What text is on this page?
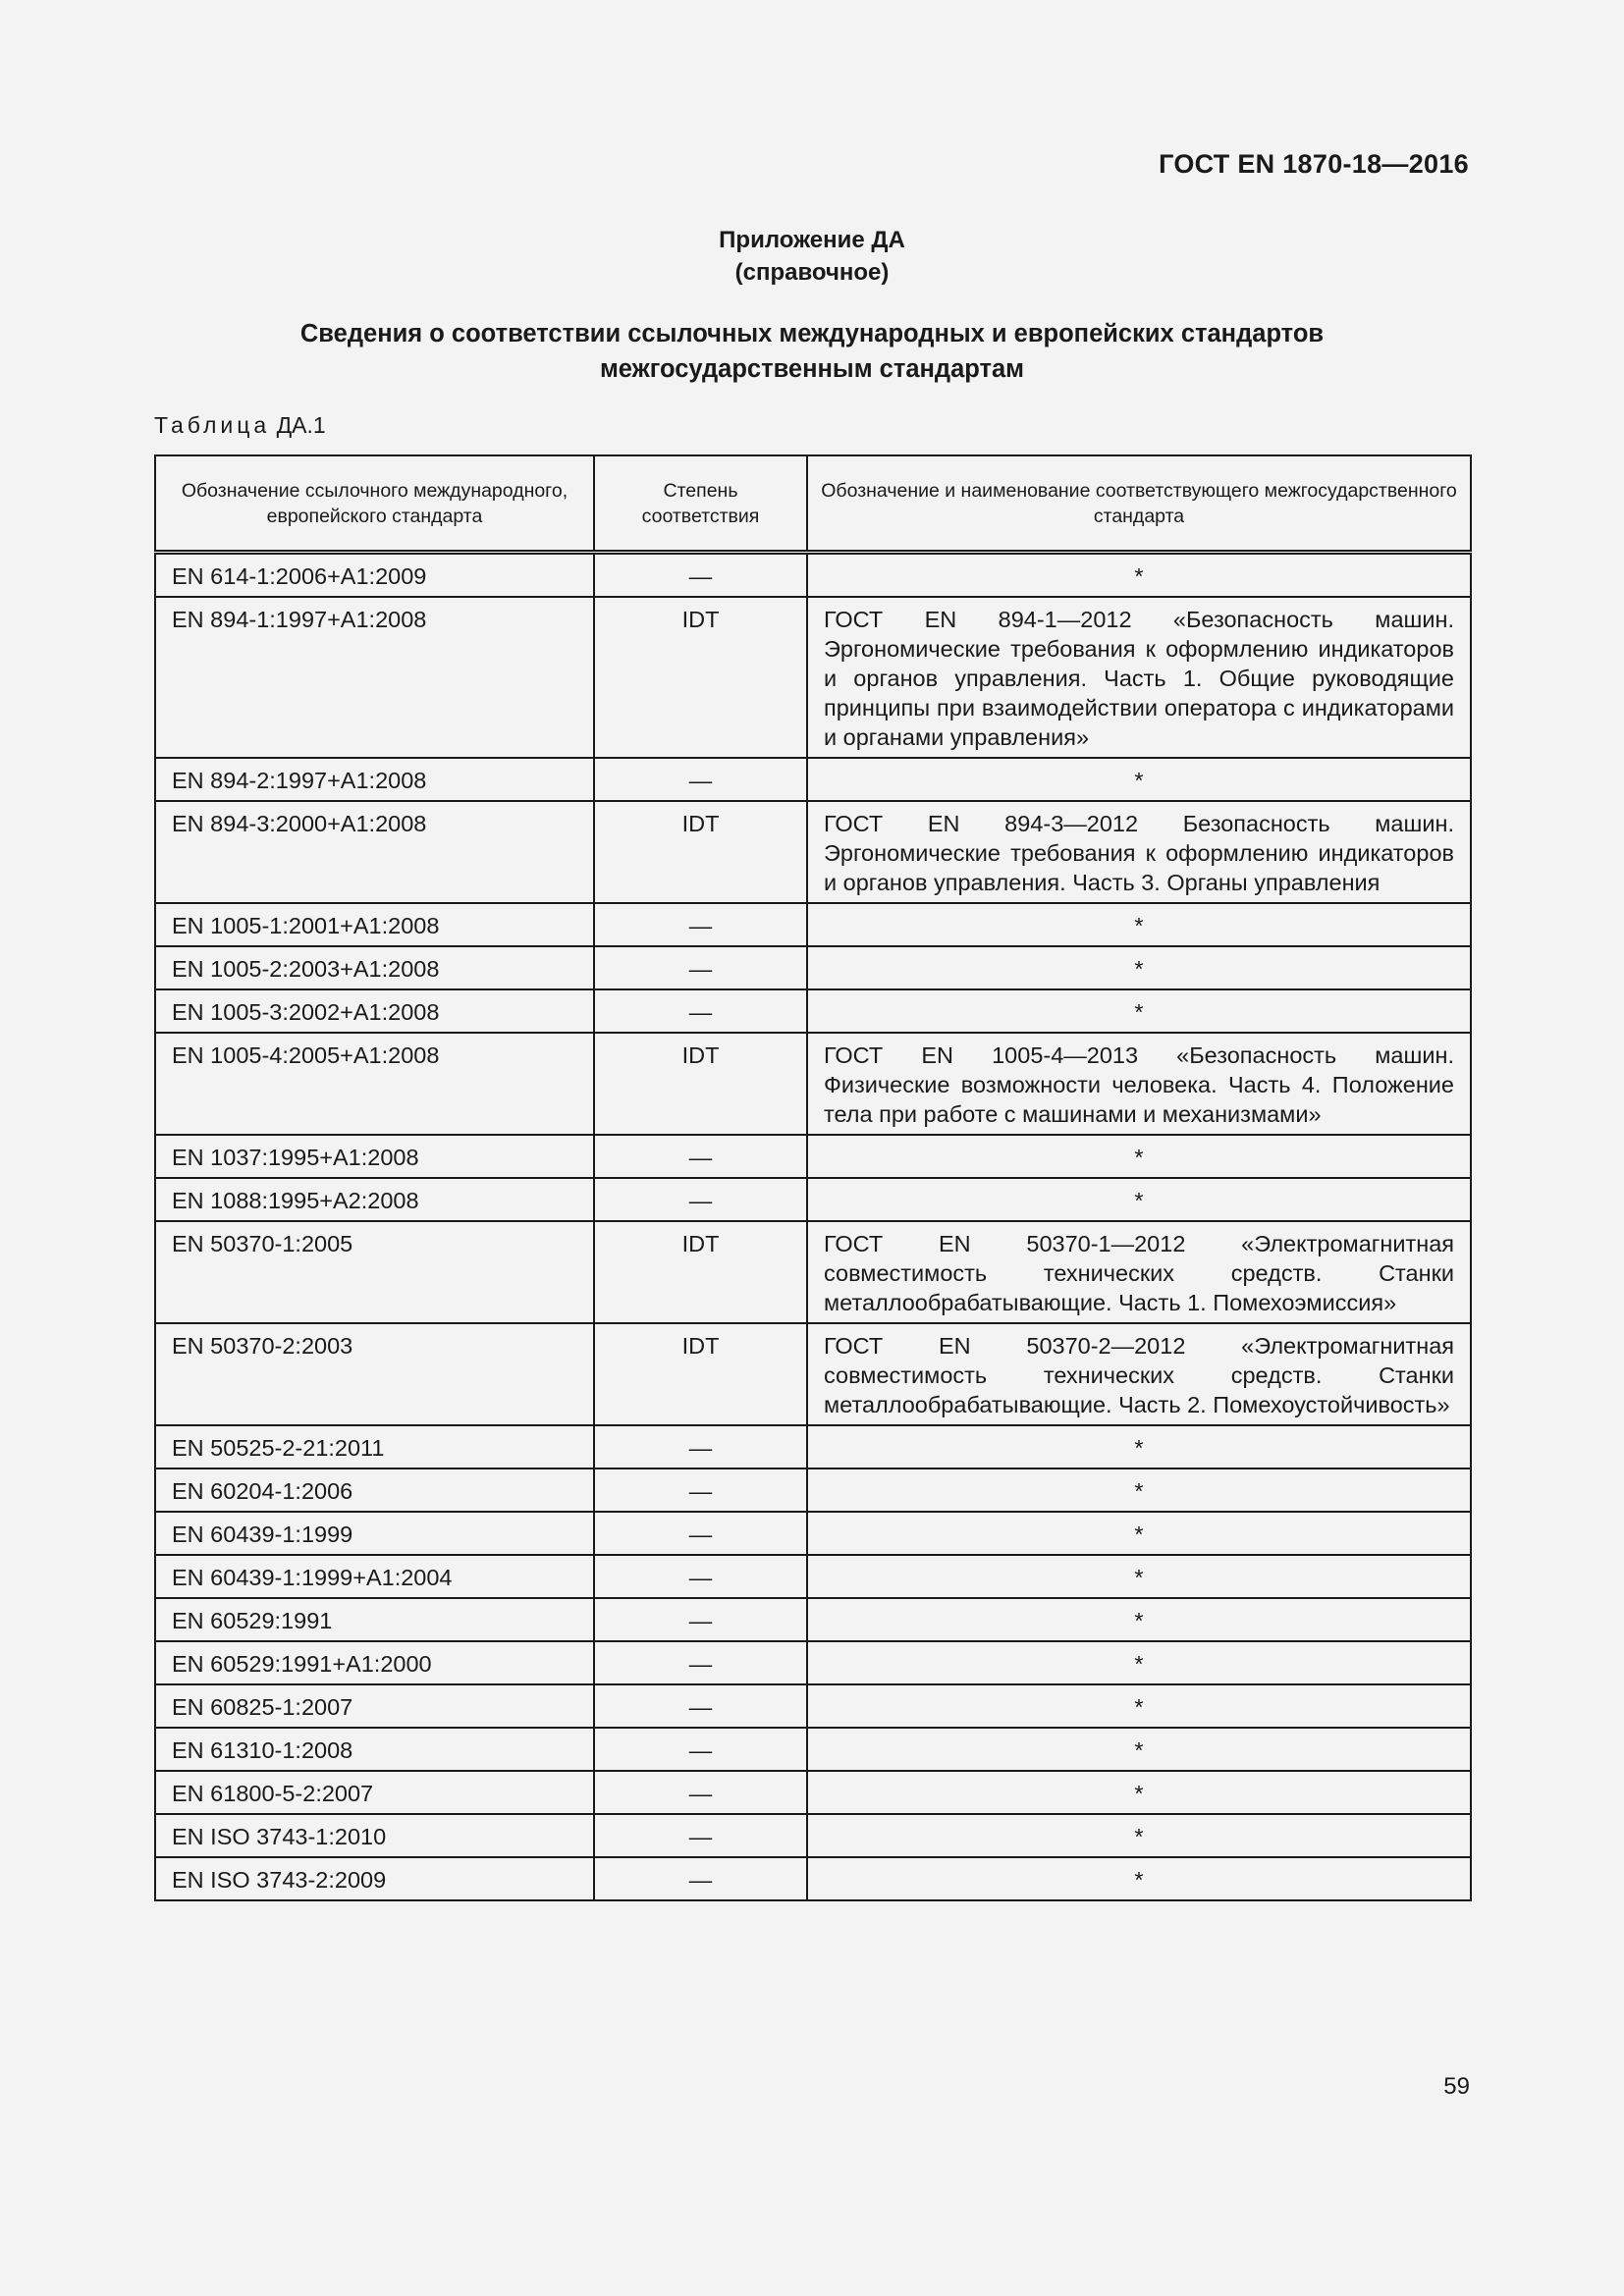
ГОСТ EN 1870-18—2016
Приложение ДА
(справочное)
Сведения о соответствии ссылочных международных и европейских стандартов
межгосударственным стандартам
Таблица ДА.1
Обозначение ссылочного международного, европейского стандарта	Степень соответствия	Обозначение и наименование соответствующего межгосударственного стандарта
EN 614-1:2006+A1:2009	—	*
EN 894-1:1997+A1:2008	IDT	ГОСТ EN 894-1—2012 «Безопасность машин. Эргономические требования к оформлению индикаторов и органов управления. Часть 1. Общие руководящие принципы при взаимодействии оператора с индикаторами и органами управления»
EN 894-2:1997+A1:2008	—	*
EN 894-3:2000+A1:2008	IDT	ГОСТ EN 894-3—2012 Безопасность машин. Эргономические требования к оформлению индикаторов и органов управления. Часть 3. Органы управления
EN 1005-1:2001+A1:2008	—	*
EN 1005-2:2003+A1:2008	—	*
EN 1005-3:2002+A1:2008	—	*
EN 1005-4:2005+A1:2008	IDT	ГОСТ EN 1005-4—2013 «Безопасность машин. Физические возможности человека. Часть 4. Положение тела при работе с машинами и механизмами»
EN 1037:1995+A1:2008	—	*
EN 1088:1995+A2:2008	—	*
EN 50370-1:2005	IDT	ГОСТ EN 50370-1—2012 «Электромагнитная совместимость технических средств. Станки металлообрабатывающие. Часть 1. Помехоэмиссия»
EN 50370-2:2003	IDT	ГОСТ EN 50370-2—2012 «Электромагнитная совместимость технических средств. Станки металлообрабатывающие. Часть 2. Помехоустойчивость»
EN 50525-2-21:2011	—	*
EN 60204-1:2006	—	*
EN 60439-1:1999	—	*
EN 60439-1:1999+A1:2004	—	*
EN 60529:1991	—	*
EN 60529:1991+A1:2000	—	*
EN 60825-1:2007	—	*
EN 61310-1:2008	—	*
EN 61800-5-2:2007	—	*
EN ISO 3743-1:2010	—	*
EN ISO 3743-2:2009	—	*
59
